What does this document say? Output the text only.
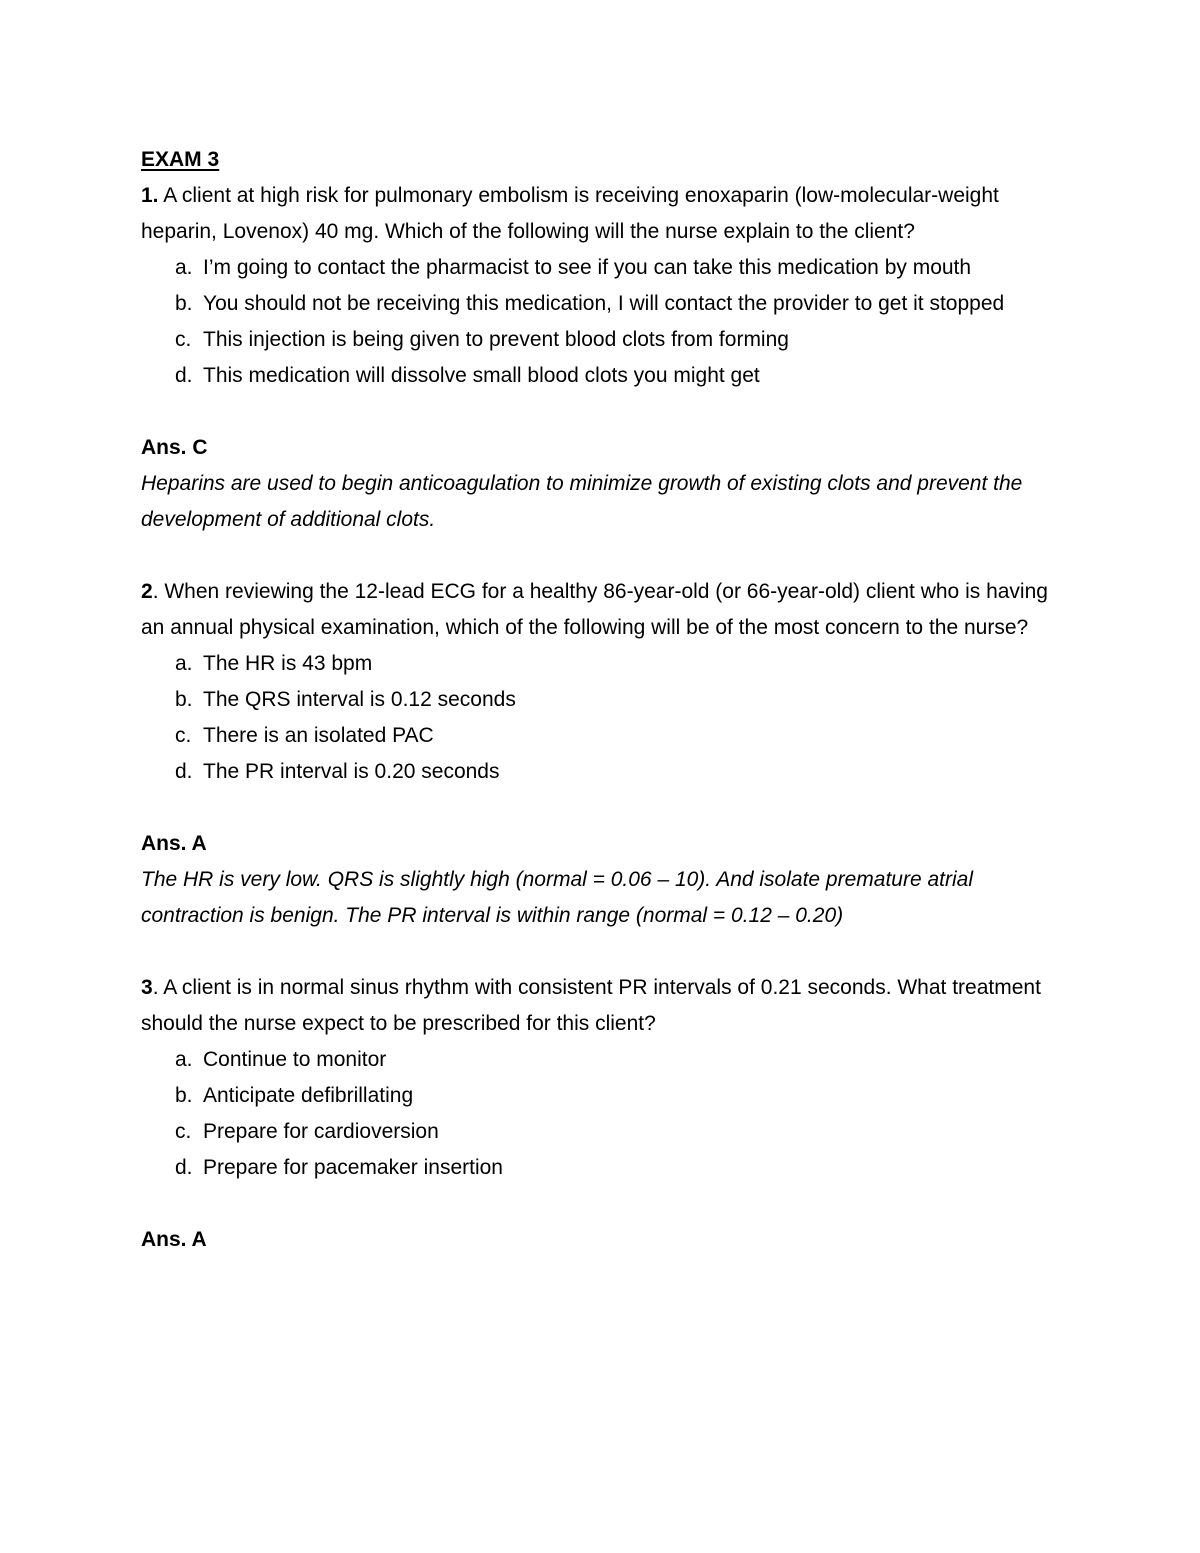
EXAM 3

1. A client at high risk for pulmonary embolism is receiving enoxaparin (low-molecular-weight heparin, Lovenox) 40 mg. Which of the following will the nurse explain to the client?

a. I’m going to contact the pharmacist to see if you can take this medication by mouth
b. You should not be receiving this medication, I will contact the provider to get it stopped
c. This injection is being given to prevent blood clots from forming
d. This medication will dissolve small blood clots you might get

Ans. C

Heparins are used to begin anticoagulation to minimize growth of existing clots and prevent the development of additional clots.

2. When reviewing the 12-lead ECG for a healthy 86-year-old (or 66-year-old) client who is having an annual physical examination, which of the following will be of the most concern to the nurse?

a. The HR is 43 bpm
b. The QRS interval is 0.12 seconds
c. There is an isolated PAC
d. The PR interval is 0.20 seconds

Ans. A

The HR is very low. QRS is slightly high (normal = 0.06 – 10). And isolate premature atrial contraction is benign. The PR interval is within range (normal = 0.12 – 0.20)

3. A client is in normal sinus rhythm with consistent PR intervals of 0.21 seconds. What treatment should the nurse expect to be prescribed for this client?

a. Continue to monitor
b. Anticipate defibrillating
c. Prepare for cardioversion
d. Prepare for pacemaker insertion

Ans. A
